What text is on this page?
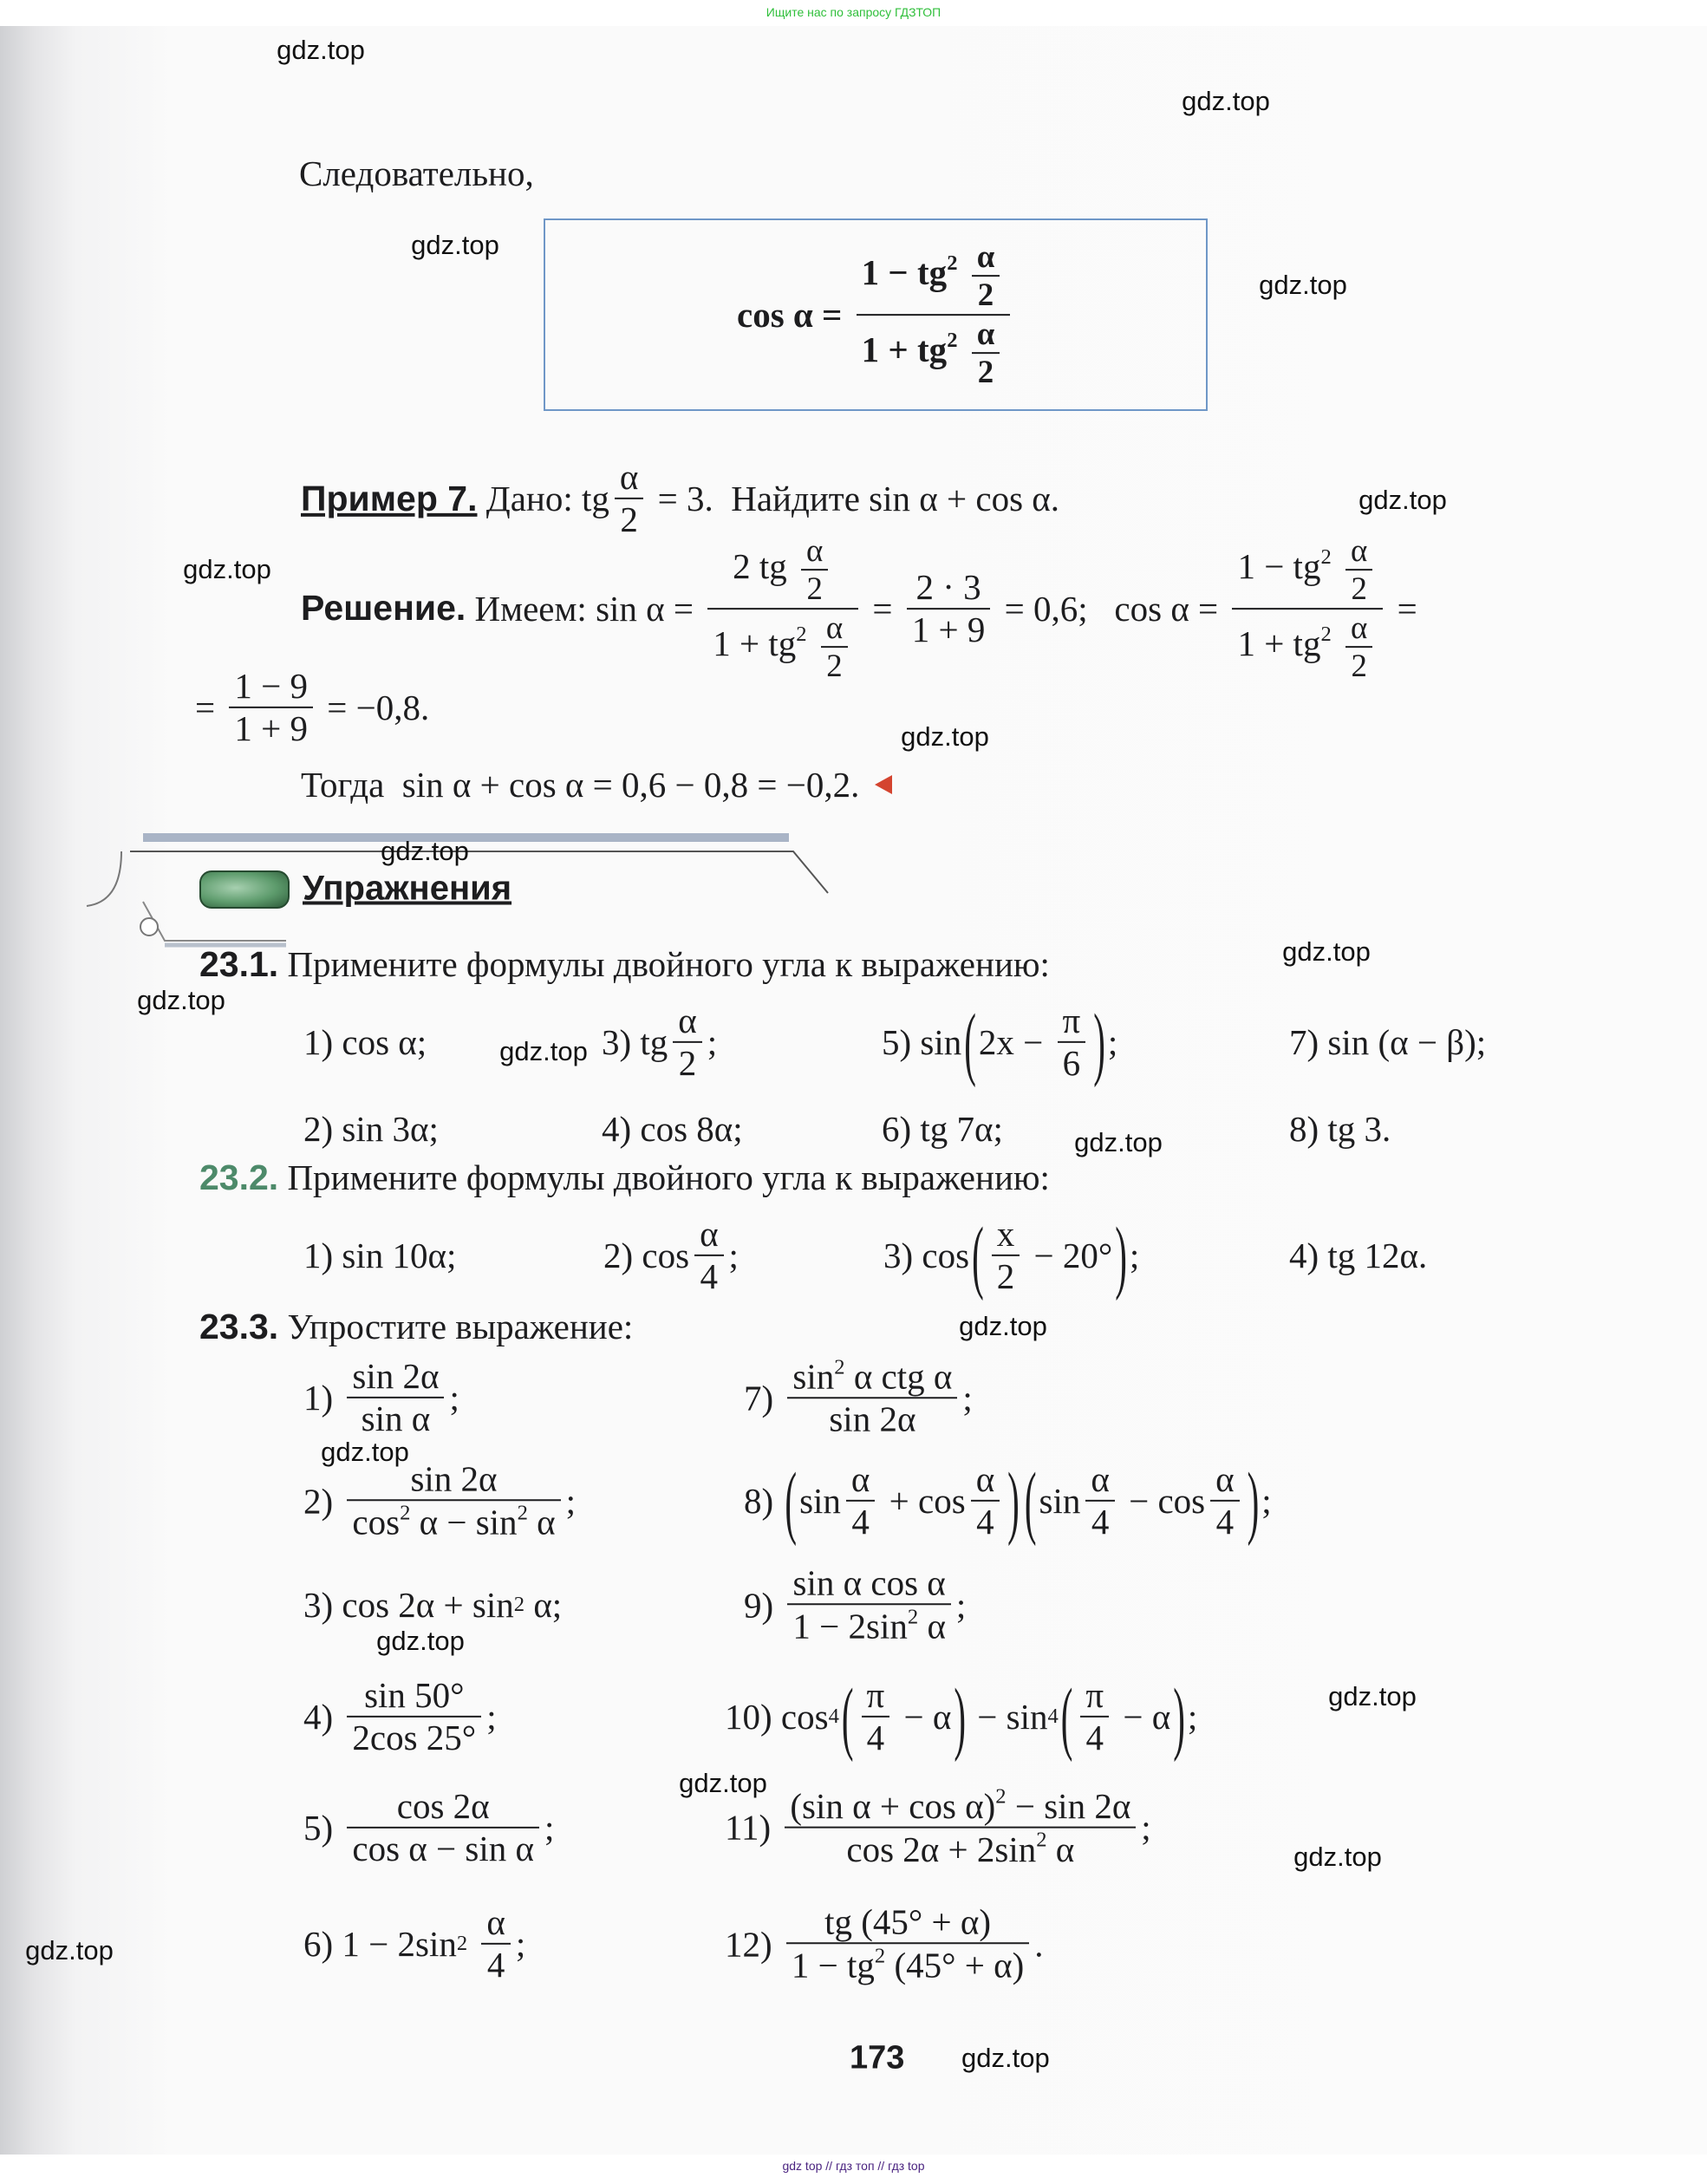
Ищите нас по запросу ГДЗТОП
Следовательно,
$\cos \alpha = \frac{1 - tg^2 \frac{\alpha}{2}}{1 + tg^2 \frac{\alpha}{2}}$
Пример 7.
Дано:
tg $\frac{\alpha}{2} = 3$.
Найдите sin α + cos α.
Решение.
Имеем:
$\sin \alpha = \frac{2 tg \frac{\alpha}{2}}{1 + tg^2 \frac{\alpha}{2}} = \frac{2 \cdot 3}{1 + 9} = 0,6$;   $\cos \alpha = \frac{1 - tg^2 \frac{\alpha}{2}}{1 + tg^2 \frac{\alpha}{2}}$ =
= $\frac{1 - 9}{1 + 9} = -0,8$.
Тогда  sin α + cos α = 0,6 − 0,8 = −0,2.
Упражнения
23.1.
Примените формулы двойного угла к выражению:
1) cos α;	3) tg $\frac{\alpha}{2}$ ;	5) sin ( $2x - \frac{\pi}{6}$ ) ;	7) sin (α − β);
2) sin 3α;	4) cos 8α;	6) tg 7α;	8) tg 3.
23.2.
Примените формулы двойного угла к выражению:
1) sin 10α;	2) $\cos \frac{\alpha}{4}$ ;	3) cos ( $\frac{x}{2} - 20^\circ$ ) ;	4) tg 12α.
23.3.
Упростите выражение:
$1) \frac{\sin 2\alpha}{\text{sin α}}$ ;	$7) \frac{\sin^2 \alpha ctg \alpha}{\sin 2\alpha}$ ;
$2) \frac{\sin 2\alpha}{\cos^2 \alpha - \sin^2 \alpha}$ ;	8) ( $\sin \frac{\alpha}{4} + \cos \frac{\alpha}{4}$ ) ( $\sin \frac{\alpha}{4} - \cos \frac{\alpha}{4}$ ) ;
3) cos 2α + sin 2 α;	$9) \frac{\text{sin α cos α}}{1 - 2\sin^2 \alpha}$ ;
$4) \frac{\sin 50^\circ}{2\cos 25^\circ}$ ;	10) cos 4 ( $\frac{\pi}{4} - \alpha$ ) − sin 4 ( $\frac{\pi}{4} - \alpha$ ) ;
$5) \frac{\cos 2\alpha}{\text{cos α − sin α}}$ ;	$11) \frac{(\sin \alpha + \cos \alpha)^2 - \sin 2\alpha}{\cos 2\alpha + 2\sin^2 \alpha}$ ;
6) 1 − 2sin 2
$\frac{\alpha}{4}$ ;	$12) \frac{tg (45^\circ + \alpha)}{1 - tg^2 (45^\circ + \alpha)}$ .
173
gdz.top
gdz.top
gdz.top
gdz.top
gdz.top
gdz.top
gdz.top
gdz.top
gdz.top
gdz.top
gdz.top
gdz.top
gdz.top
gdz.top
gdz.top
gdz.top
gdz.top
gdz.top
gdz.top
gdz.top
gdz top // гдз топ // гдз top
